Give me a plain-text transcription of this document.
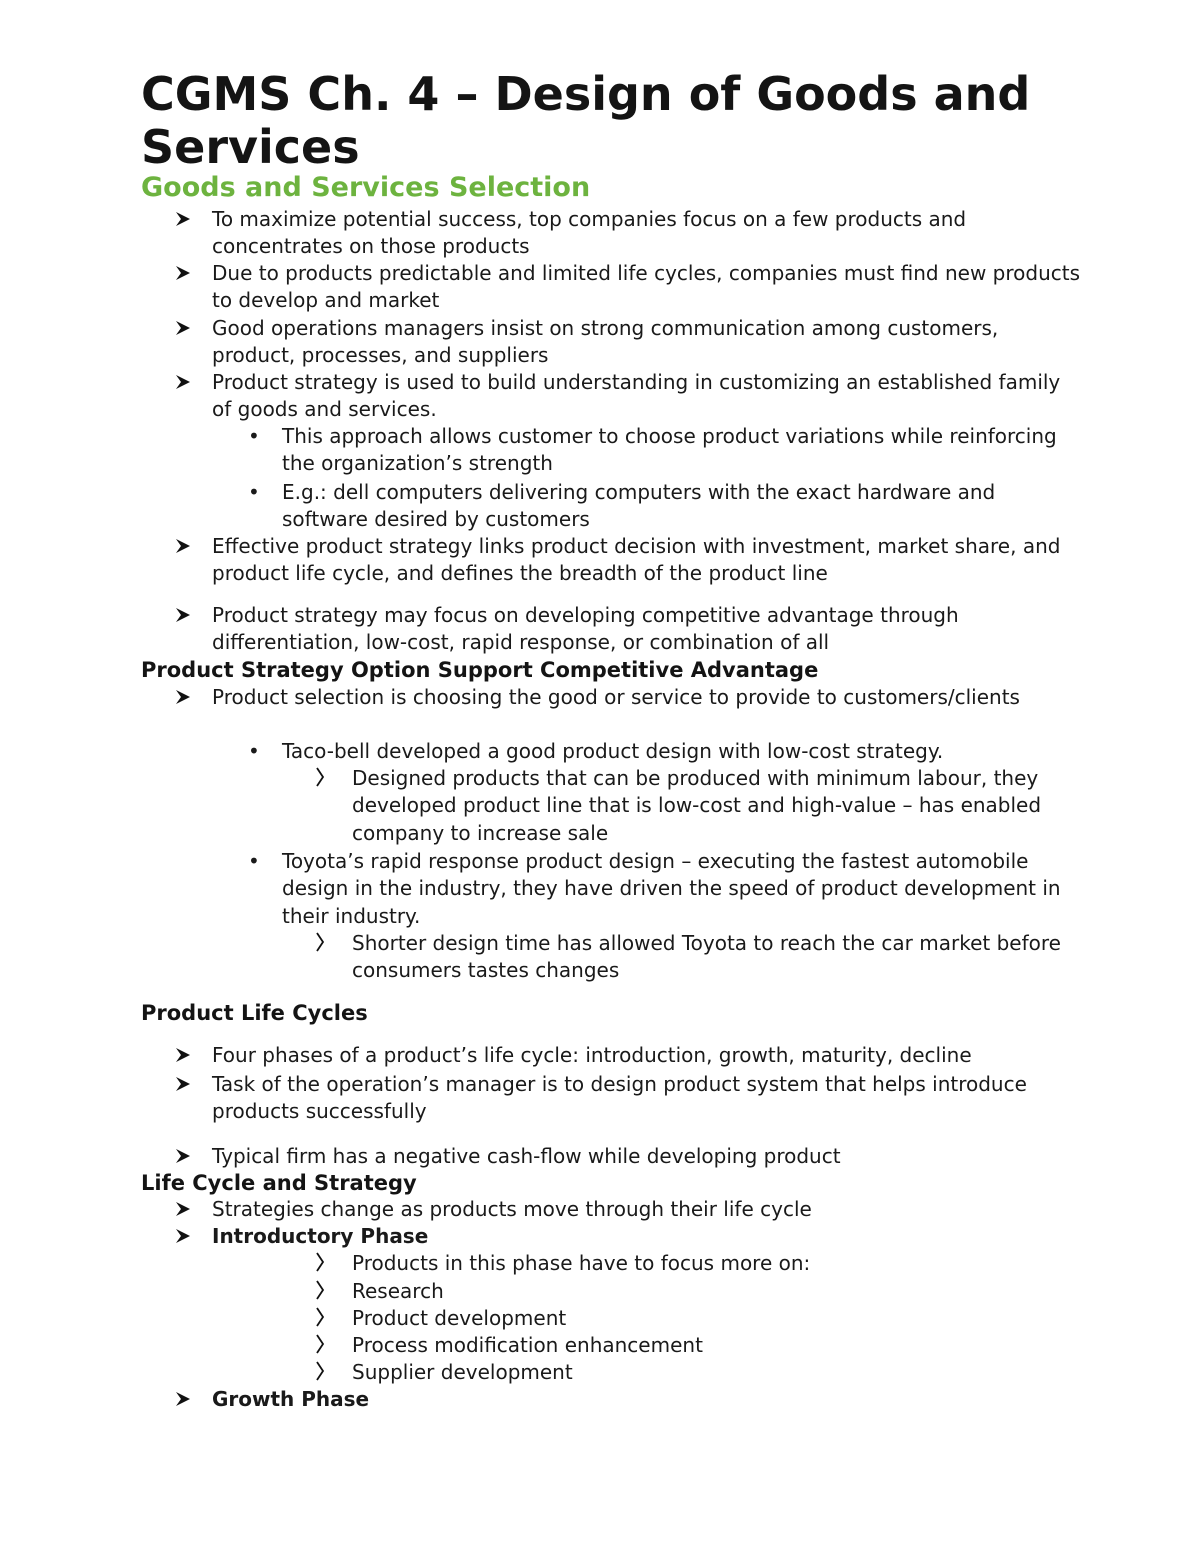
CGMS Ch. 4 – Design of Goods and Services
Goods and Services Selection
To maximize potential success, top companies focus on a few products and concentrates on those products
Due to products predictable and limited life cycles, companies must find new products to develop and market
Good operations managers insist on strong communication among customers, product, processes, and suppliers
Product strategy is used to build understanding in customizing an established family of goods and services.
• This approach allows customer to choose product variations while reinforcing the organization’s strength
• E.g.: dell computers delivering computers with the exact hardware and software desired by customers
Effective product strategy links product decision with investment, market share, and product life cycle, and defines the breadth of the product line
Product strategy may focus on developing competitive advantage through differentiation, low-cost, rapid response, or combination of all
Product Strategy Option Support Competitive Advantage
Product selection is choosing the good or service to provide to customers/clients
• Taco-bell developed a good product design with low-cost strategy.
Designed products that can be produced with minimum labour, they developed product line that is low-cost and high-value – has enabled company to increase sale
• Toyota’s rapid response product design – executing the fastest automobile design in the industry, they have driven the speed of product development in their industry.
Shorter design time has allowed Toyota to reach the car market before consumers tastes changes
Product Life Cycles
Four phases of a product’s life cycle: introduction, growth, maturity, decline
Task of the operation’s manager is to design product system that helps introduce products successfully
Typical firm has a negative cash-flow while developing product
Life Cycle and Strategy
Strategies change as products move through their life cycle
Introductory Phase
Products in this phase have to focus more on:
Research
Product development
Process modification enhancement
Supplier development
Growth Phase
